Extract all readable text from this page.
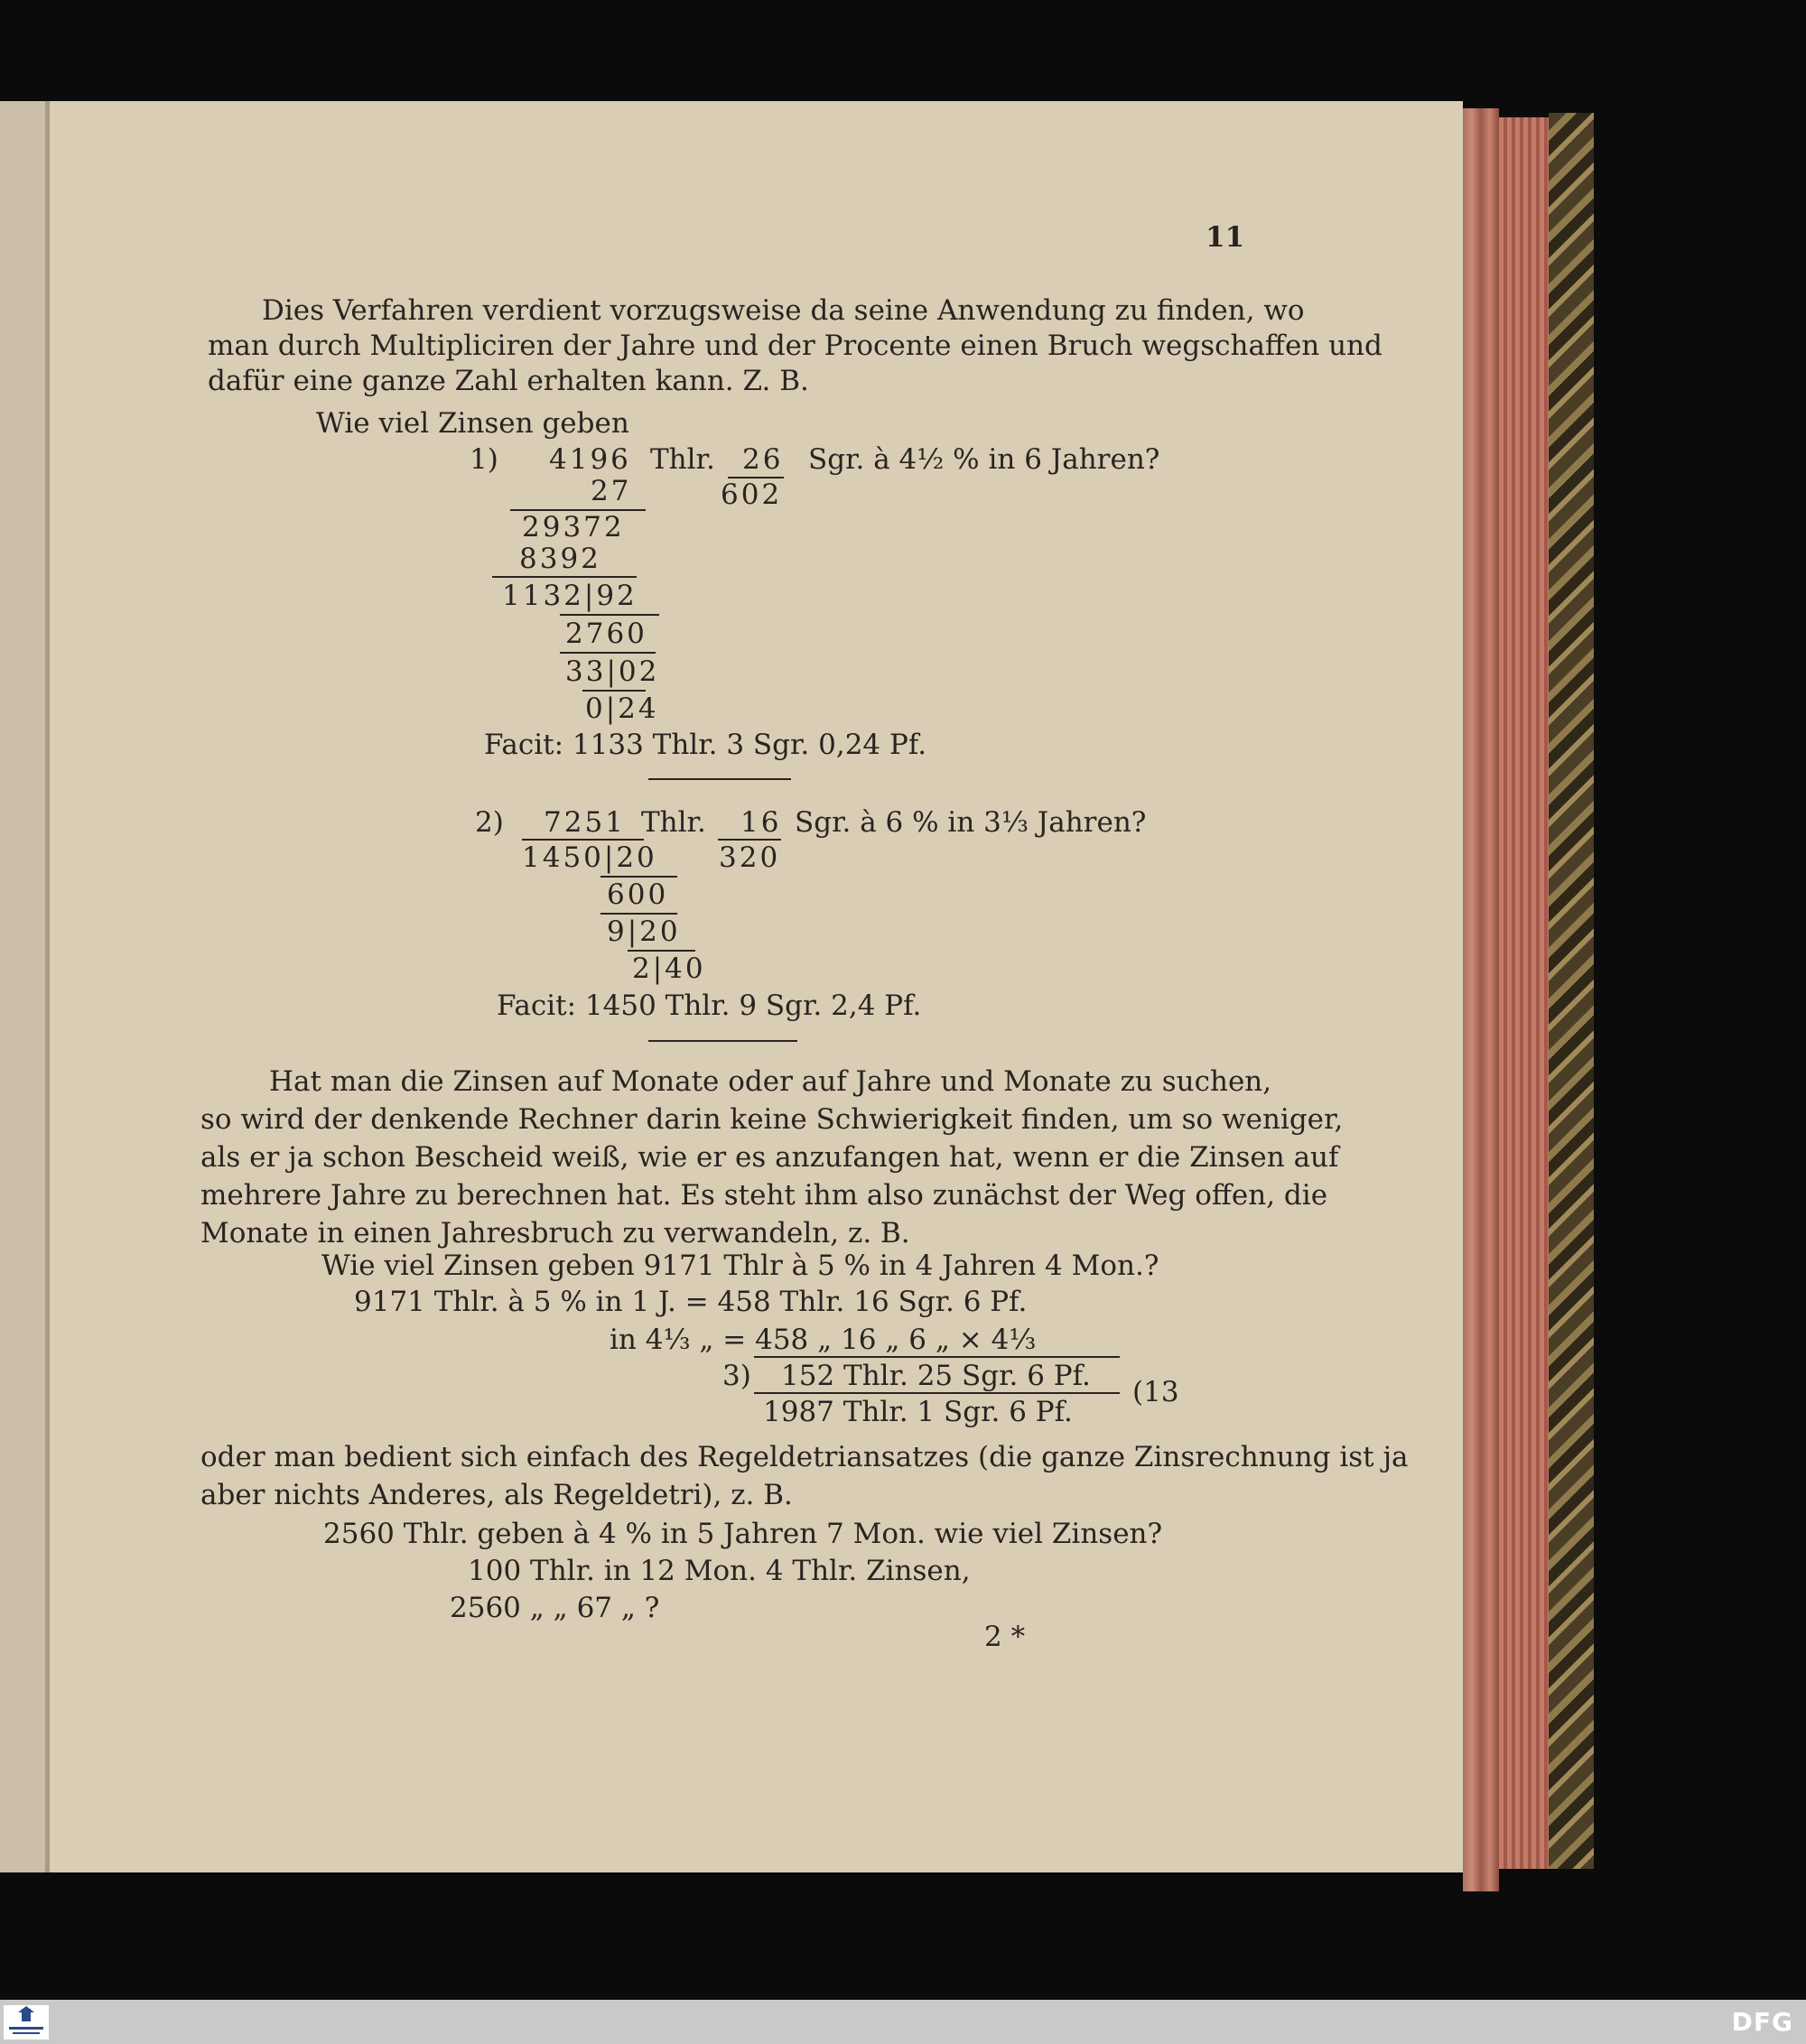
11
Dies Verfahren verdient vorzugsweise da seine Anwendung zu finden, wo
man durch Multipliciren der Jahre und der Procente einen Bruch wegschaffen und
dafür eine ganze Zahl erhalten kann. Z. B.
Wie viel Zinsen geben
1) 4196 Thlr. 26 Sgr. à 4½ % in 6 Jahren?
27	602
29372
8392
1132|92
2760
33|02
0|24
Facit: 1133 Thlr. 3 Sgr. 0,24 Pf.
2) 7251 Thlr. 16 Sgr. à 6 % in 3⅓ Jahren?
1450|20 320
600
9|20
2|40
Facit: 1450 Thlr. 9 Sgr. 2,4 Pf.
Hat man die Zinsen auf Monate oder auf Jahre und Monate zu suchen,
so wird der denkende Rechner darin keine Schwierigkeit finden, um so weniger,
als er ja schon Bescheid weiß, wie er es anzufangen hat, wenn er die Zinsen auf
mehrere Jahre zu berechnen hat. Es steht ihm also zunächst der Weg offen, die
Monate in einen Jahresbruch zu verwandeln, z. B.
Wie viel Zinsen geben 9171 Thlr à 5 % in 4 Jahren 4 Mon.?
9171 Thlr. à 5 % in 1 J. = 458 Thlr. 16 Sgr. 6 Pf.
in 4⅓ „ = 458 „ 16 „ 6 „ × 4⅓
3) 152 Thlr. 25 Sgr. 6 Pf.
1987 Thlr. 1 Sgr. 6 Pf.
(13
oder man bedient sich einfach des Regeldetriansatzes (die ganze Zinsrechnung ist ja
aber nichts Anderes, als Regeldetri), z. B.
2560 Thlr. geben à 4 % in 5 Jahren 7 Mon. wie viel Zinsen?
100 Thlr. in 12 Mon. 4 Thlr. Zinsen,
2560 „ „ 67 „ ?
2 *
DFG
